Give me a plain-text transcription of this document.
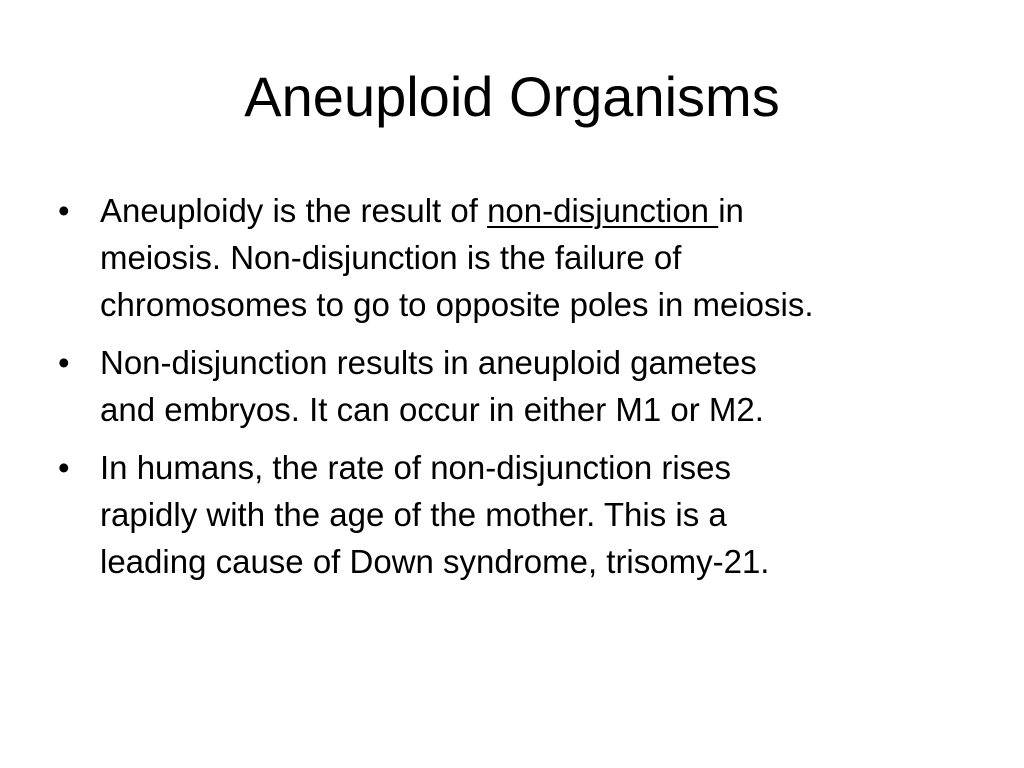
Aneuploid Organisms
• Aneuploidy is the result of non-disjunction in
meiosis. Non-disjunction is the failure of
chromosomes to go to opposite poles in meiosis.
• Non-disjunction results in aneuploid gametes
and embryos. It can occur in either M1 or M2.
• In humans, the rate of non-disjunction rises
rapidly with the age of the mother. This is a
leading cause of Down syndrome, trisomy-21.
